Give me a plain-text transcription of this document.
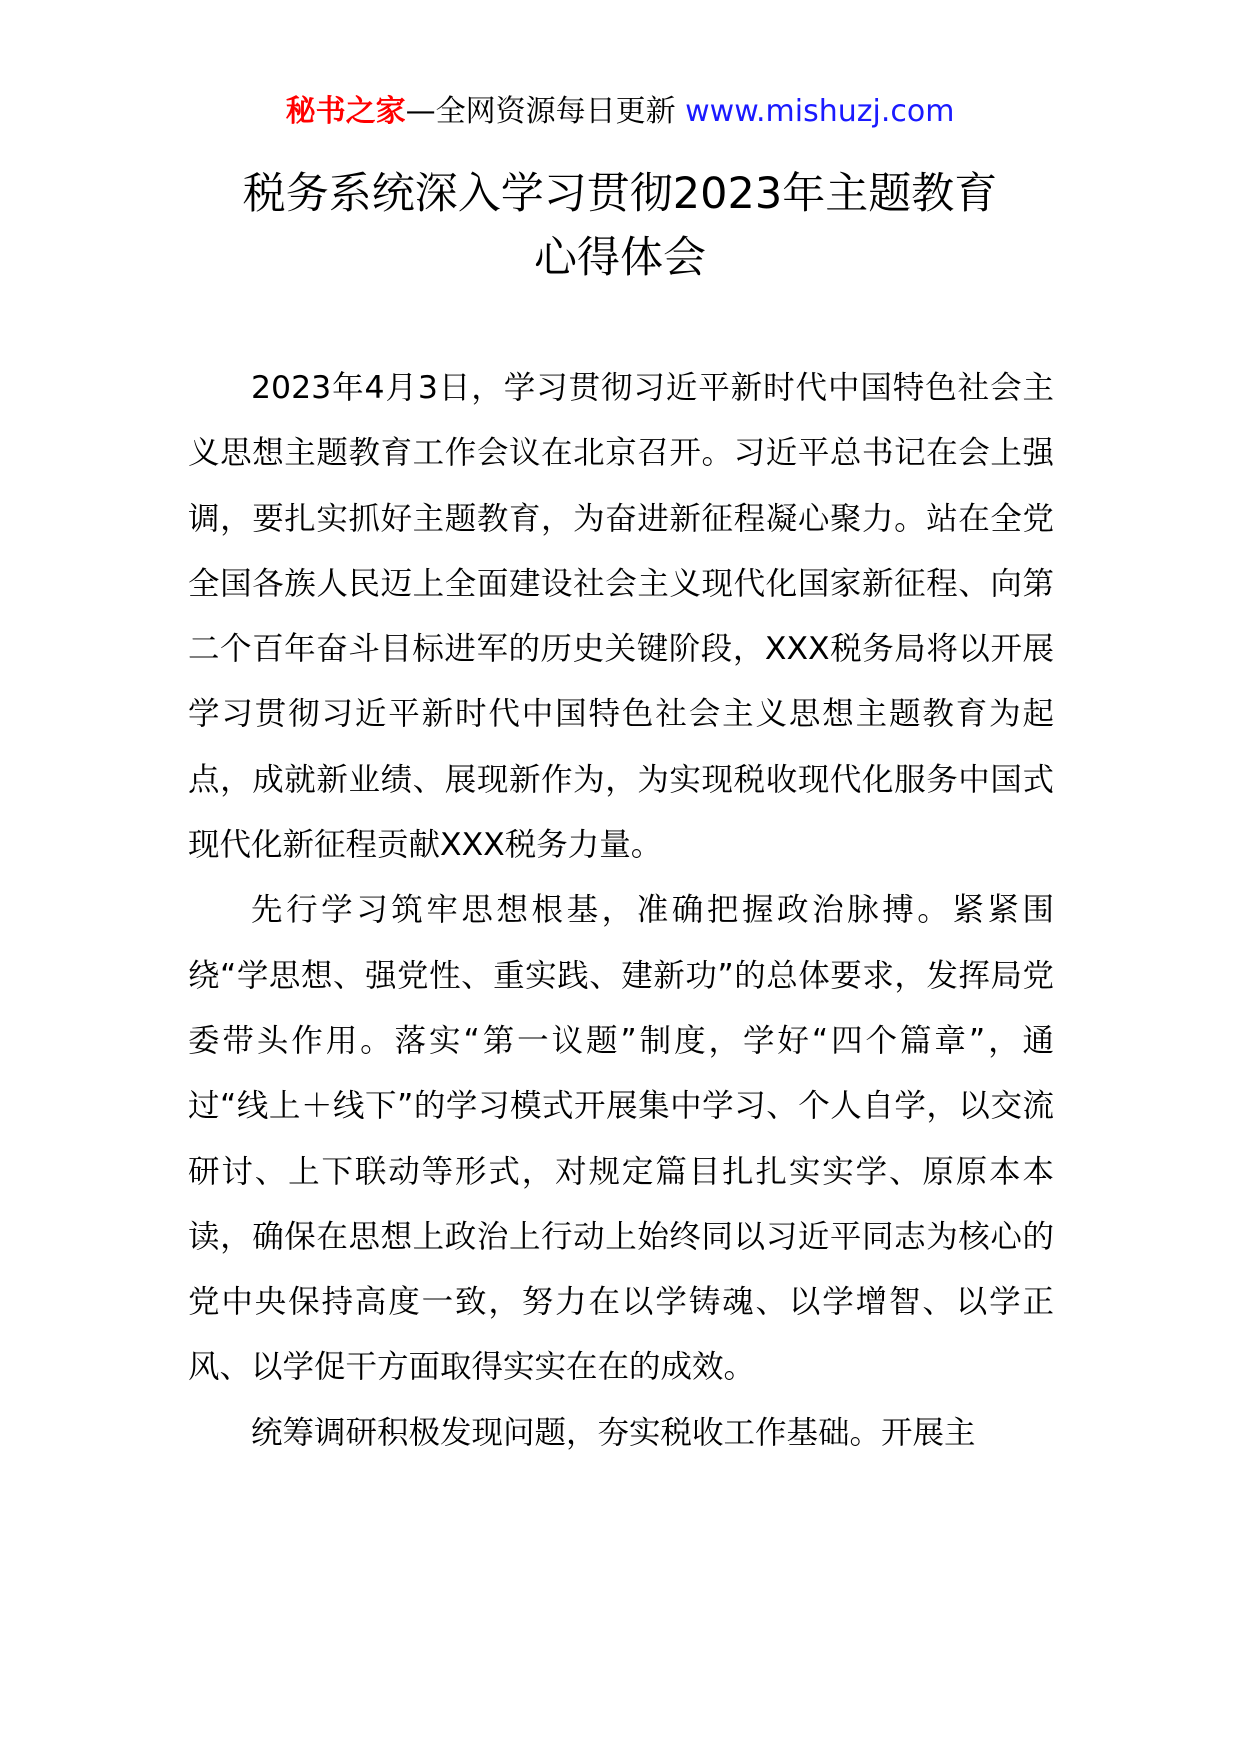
秘书之家—全网资源每日更新 www.mishuzj.com
税务系统深入学习贯彻2023年主题教育
心得体会

2023年4月3日，学习贯彻习近平新时代中国特色社会主义思想主题教育工作会议在北京召开。习近平总书记在会上强调，要扎实抓好主题教育，为奋进新征程凝心聚力。站在全党全国各族人民迈上全面建设社会主义现代化国家新征程、向第二个百年奋斗目标进军的历史关键阶段，XXX税务局将以开展学习贯彻习近平新时代中国特色社会主义思想主题教育为起点，成就新业绩、展现新作为，为实现税收现代化服务中国式现代化新征程贡献XXX税务力量。

先行学习筑牢思想根基，准确把握政治脉搏。紧紧围绕“学思想、强党性、重实践、建新功”的总体要求，发挥局党委带头作用。落实“第一议题”制度，学好“四个篇章”，通过“线上＋线下”的学习模式开展集中学习、个人自学，以交流研讨、上下联动等形式，对规定篇目扎扎实实学、原原本本读，确保在思想上政治上行动上始终同以习近平同志为核心的党中央保持高度一致，努力在以学铸魂、以学增智、以学正风、以学促干方面取得实实在在的成效。

统筹调研积极发现问题，夯实税收工作基础。开展主
